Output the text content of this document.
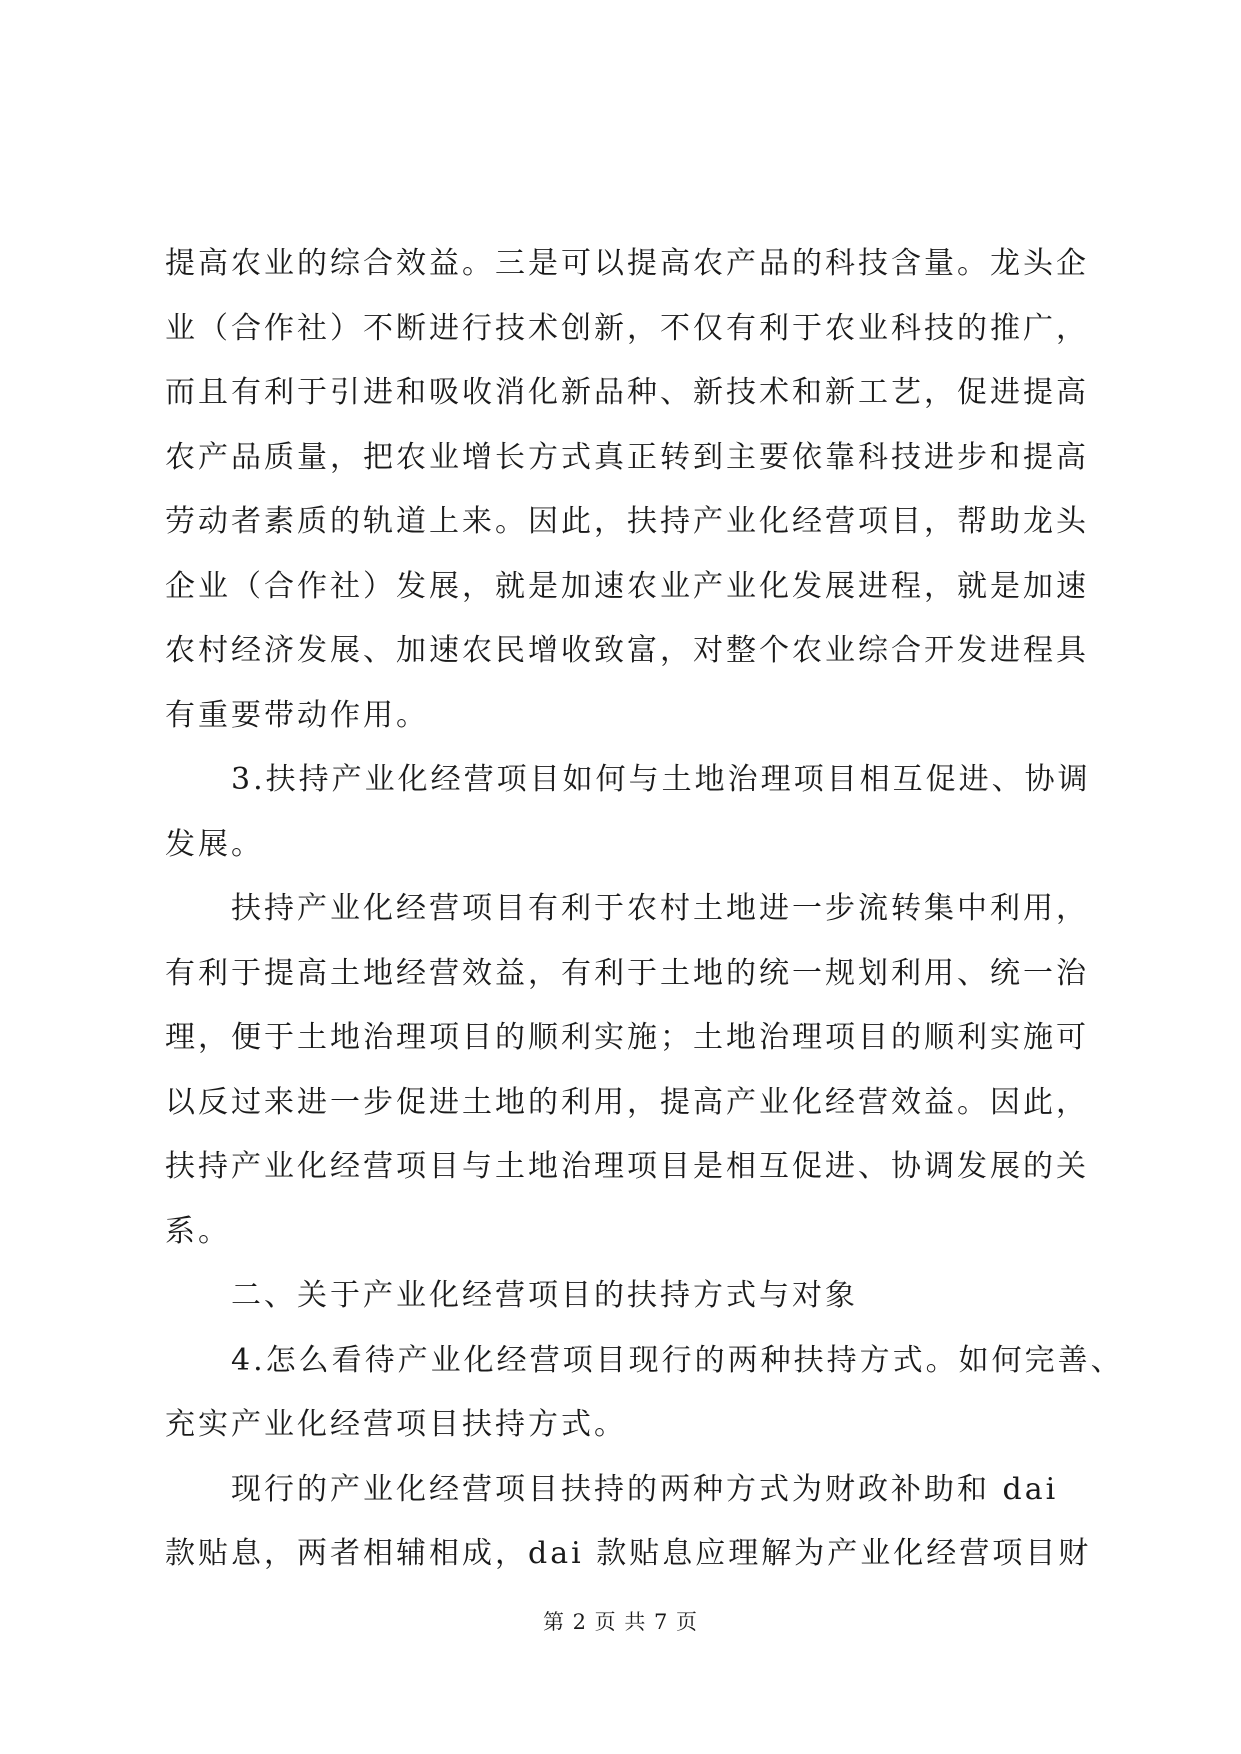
提高农业的综合效益。三是可以提高农产品的科技含量。龙头企
业（合作社）不断进行技术创新，不仅有利于农业科技的推广，
而且有利于引进和吸收消化新品种、新技术和新工艺，促进提高
农产品质量，把农业增长方式真正转到主要依靠科技进步和提高
劳动者素质的轨道上来。因此，扶持产业化经营项目，帮助龙头
企业（合作社）发展，就是加速农业产业化发展进程，就是加速
农村经济发展、加速农民增收致富，对整个农业综合开发进程具
有重要带动作用。
3.扶持产业化经营项目如何与土地治理项目相互促进、协调
发展。
扶持产业化经营项目有利于农村土地进一步流转集中利用，
有利于提高土地经营效益，有利于土地的统一规划利用、统一治
理，便于土地治理项目的顺利实施；土地治理项目的顺利实施可
以反过来进一步促进土地的利用，提高产业化经营效益。因此，
扶持产业化经营项目与土地治理项目是相互促进、协调发展的关
系。
二、关于产业化经营项目的扶持方式与对象
4.怎么看待产业化经营项目现行的两种扶持方式。如何完善、
充实产业化经营项目扶持方式。
现行的产业化经营项目扶持的两种方式为财政补助和 dai
款贴息，两者相辅相成，dai 款贴息应理解为产业化经营项目财
第 2 页 共 7 页
